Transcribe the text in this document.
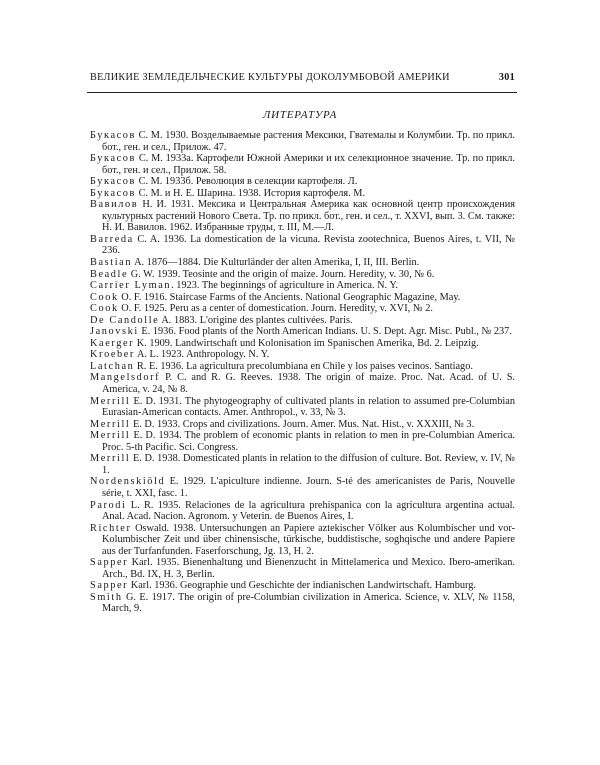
ВЕЛИКИЕ ЗЕМЛЕДЕЛЬЧЕСКИЕ КУЛЬТУРЫ ДОКОЛУМБОВОЙ АМЕРИКИ	301
ЛИТЕРАТУРА
Букасов С. М. 1930. Возделываемые растения Мексики, Гватемалы и Колумбии. Тр. по прикл. бот., ген. и сел., Прилож. 47.
Букасов С. М. 1933а. Картофели Южной Америки и их селекционное значение. Тр. по прикл. бот., ген. и сел., Прилож. 58.
Букасов С. М. 1933б. Революция в селекции картофеля. Л.
Букасов С. М. и Н. Е. Шарина. 1938. История картофеля. М.
Вавилов Н. И. 1931. Мексика и Центральная Америка как основной центр происхождения культурных растений Нового Света. Тр. по прикл. бот., ген. и сел., т. XXVI, вып. 3. См. также: Н. И. Вавилов. 1962. Избранные труды, т. III, М.—Л.
Barreda C. A. 1936. La domestication de la vicuna. Revista zootechnica, Buenos Aires, t. VII, № 236.
Bastian A. 1876—1884. Die Kulturländer der alten Amerika, I, II, III. Berlin.
Beadle G. W. 1939. Teosinte and the origin of maize. Journ. Heredity, v. 30, № 6.
Carrier Lyman. 1923. The beginnings of agriculture in America. N. Y.
Cook O. F. 1916. Staircase Farms of the Ancients. National Geographic Magazine, May.
Cook O. F. 1925. Peru as a center of domestication. Journ. Heredity, v. XVI, № 2.
De Candolle A. 1883. L'origine des plantes cultivées. Paris.
Janovski E. 1936. Food plants of the North American Indians. U. S. Dept. Agr. Misc. Publ., № 237.
Kaerger K. 1909. Landwirtschaft und Kolonisation im Spanischen Amerika, Bd. 2. Leipzig.
Kroeber A. L. 1923. Anthropology. N. Y.
Latchan R. E. 1936. La agricultura precolumbiana en Chile y los paises vecinos. Santiago.
Mangelsdorf P. C. and R. G. Reeves. 1938. The origin of maize. Proc. Nat. Acad. of U. S. America, v. 24, № 8.
Merrill E. D. 1931. The phytogeography of cultivated plants in relation to assumed pre-Columbian Eurasian-American contacts. Amer. Anthropol., v. 33, № 3.
Merrill E. D. 1933. Crops and civilizations. Journ. Amer. Mus. Nat. Hist., v. XXXIII, № 3.
Merrill E. D. 1934. The problem of economic plants in relation to men in pre-Columbian America. Proc. 5-th Pacific. Sci. Congress.
Merrill E. D. 1938. Domesticated plants in relation to the diffusion of culture. Bot. Review, v. IV, № 1.
Nordenskiöld E. 1929. L'apiculture indienne. Journ. S-té des americanistes de Paris, Nouvelle série, t. XXI, fasc. 1.
Parodi L. R. 1935. Relaciones de la agricultura prehispanica con la agricultura argentina actual. Anal. Acad. Nacion. Agronom. y Veterin. de Buenos Aires, I.
Richter Oswald. 1938. Untersuchungen an Papiere aztekischer Völker aus Kolumbischer und vor-Kolumbischer Zeit und über chinensische, türkische, buddistische, soghqische und andere Papiere aus der Turfanfunden. Faserforschung, Jg. 13, H. 2.
Sapper Karl. 1935. Bienenhaltung und Bienenzucht in Mittelamerica und Mexico. Ibero-amerikan. Arch., Bd. IX, H. 3, Berlin.
Sapper Karl. 1936. Geographie und Geschichte der indianischen Landwirtschaft. Hamburg.
Smith G. E. 1917. The origin of pre-Columbian civilization in America. Science, v. XLV, № 1158, March, 9.
